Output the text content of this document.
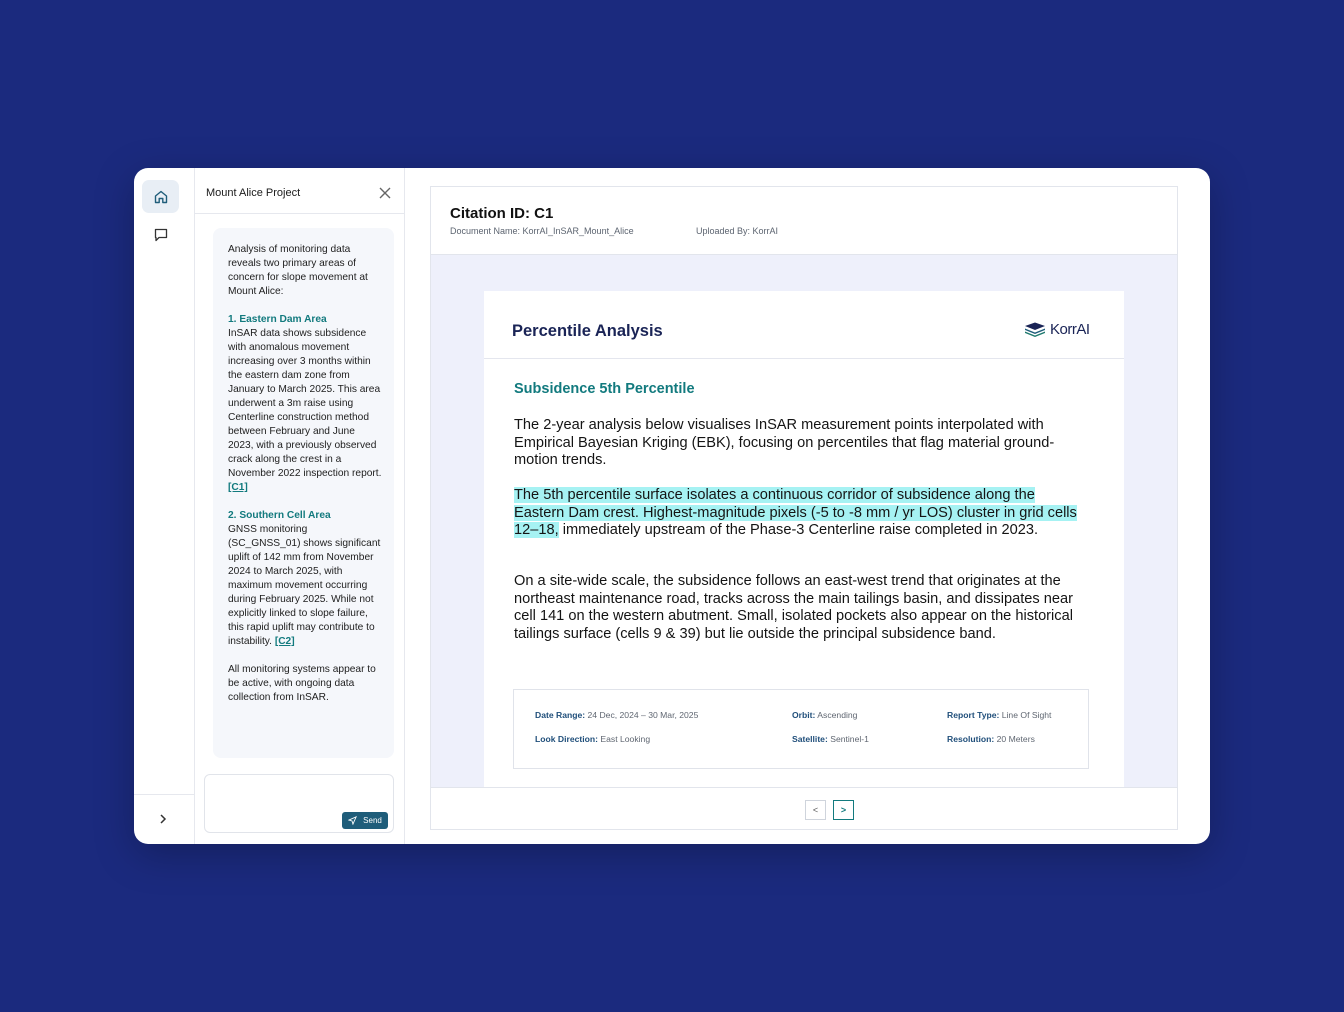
Mount Alice Project

Analysis of monitoring data reveals two primary areas of concern for slope movement at Mount Alice:

1. Eastern Dam Area
InSAR data shows subsidence with anomalous movement increasing over 3 months within the eastern dam zone from January to March 2025. This area underwent a 3m raise using Centerline construction method between February and June 2023, with a previously observed crack along the crest in a November 2022 inspection report. [C1]

2. Southern Cell Area
GNSS monitoring (SC_GNSS_01) shows significant uplift of 142 mm from November 2024 to March 2025, with maximum movement occurring during February 2025. While not explicitly linked to slope failure, this rapid uplift may contribute to instability. [C2]

All monitoring systems appear to be active, with ongoing data collection from InSAR.

Send
Citation ID: C1
Document Name: KorrAI_InSAR_Mount_Alice	Uploaded By: KorrAI
Percentile Analysis	KorrAI
Subsidence 5th Percentile

The 2-year analysis below visualises InSAR measurement points interpolated with Empirical Bayesian Kriging (EBK), focusing on percentiles that flag material ground-motion trends.

The 5th percentile surface isolates a continuous corridor of subsidence along the Eastern Dam crest. Highest-magnitude pixels (-5 to -8 mm / yr LOS) cluster in grid cells 12–18, immediately upstream of the Phase-3 Centerline raise completed in 2023.

On a site-wide scale, the subsidence follows an east-west trend that originates at the northeast maintenance road, tracks across the main tailings basin, and dissipates near cell 141 on the western abutment. Small, isolated pockets also appear on the historical tailings surface (cells 9 & 39) but lie outside the principal subsidence band.

Date Range: 24 Dec, 2024 – 30 Mar, 2025	Orbit: Ascending	Report Type: Line Of Sight
Look Direction: East Looking	Satellite: Sentinel-1	Resolution: 20 Meters
<	>
